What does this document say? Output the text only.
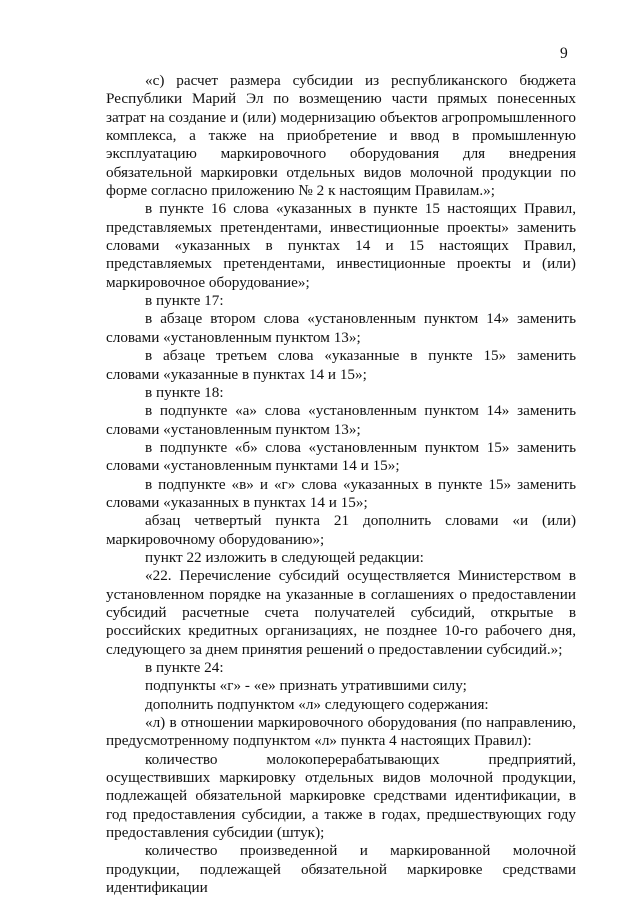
9

«с) расчет размера субсидии из республиканского бюджета Республики Марий Эл по возмещению части прямых понесенных затрат на создание и (или) модернизацию объектов агропромышленного комплекса, а также на приобретение и ввод в промышленную эксплуатацию маркировочного оборудования для внедрения обязательной маркировки отдельных видов молочной продукции по форме согласно приложению № 2 к настоящим Правилам.»;

в пункте 16 слова «указанных в пункте 15 настоящих Правил, представляемых претендентами, инвестиционные проекты» заменить словами «указанных в пунктах 14 и 15 настоящих Правил, представляемых претендентами, инвестиционные проекты и (или) маркировочное оборудование»;

в пункте 17:

в абзаце втором слова «установленным пунктом 14» заменить словами «установленным пунктом 13»;

в абзаце третьем слова «указанные в пункте 15» заменить словами «указанные в пунктах 14 и 15»;

в пункте 18:

в подпункте «а» слова «установленным пунктом 14» заменить словами «установленным пунктом 13»;

в подпункте «б» слова «установленным пунктом 15» заменить словами «установленным пунктами 14 и 15»;

в подпункте «в» и «г» слова «указанных в пункте 15» заменить словами «указанных в пунктах 14 и 15»;

абзац четвертый пункта 21 дополнить словами «и (или) маркировочному оборудованию»;

пункт 22 изложить в следующей редакции:

«22. Перечисление субсидий осуществляется Министерством в установленном порядке на указанные в соглашениях о предоставлении субсидий расчетные счета получателей субсидий, открытые в российских кредитных организациях, не позднее 10-го рабочего дня, следующего за днем принятия решений о предоставлении субсидий.»;

в пункте 24:

подпункты «г» - «е» признать утратившими силу;

дополнить подпунктом «л» следующего содержания:

«л) в отношении маркировочного оборудования (по направлению, предусмотренному подпунктом «л» пункта 4 настоящих Правил):

количество молокоперерабатывающих предприятий, осуществивших маркировку отдельных видов молочной продукции, подлежащей обязательной маркировке средствами идентификации, в год предоставления субсидии, а также в годах, предшествующих году предоставления субсидии (штук);

количество произведенной и маркированной молочной продукции, подлежащей обязательной маркировке средствами идентификации
